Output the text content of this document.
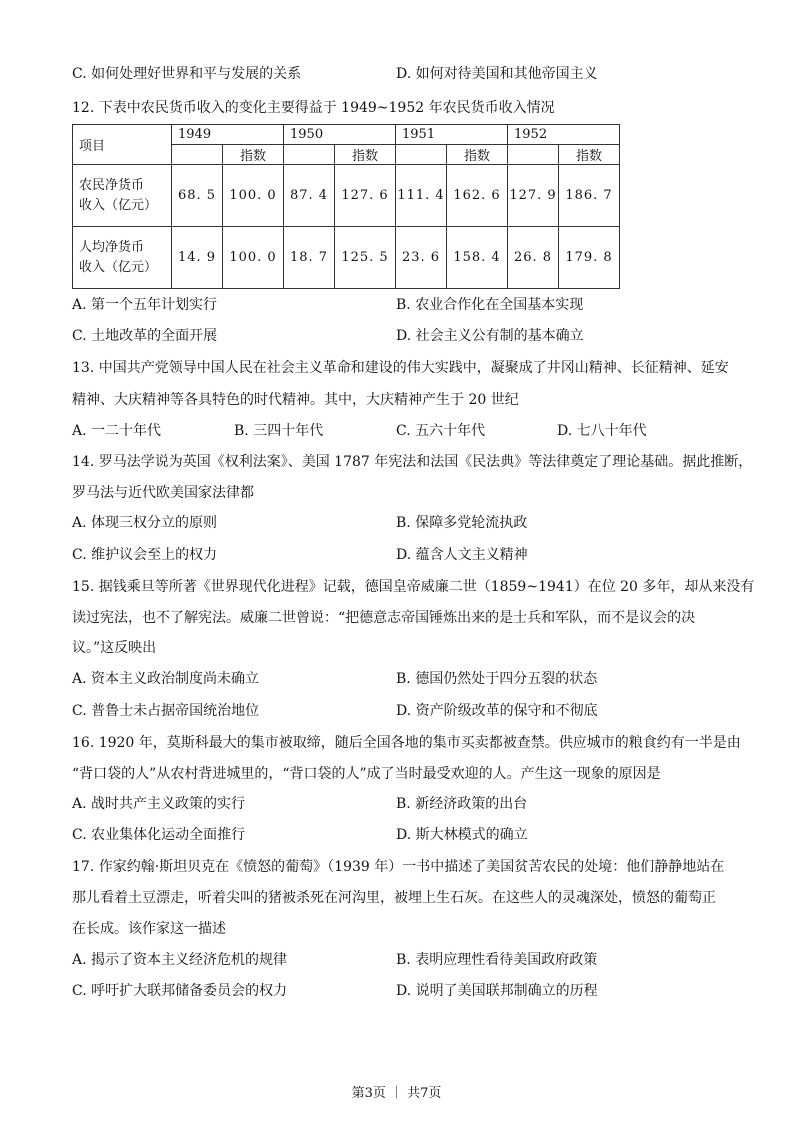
C. 如何处理好世界和平与发展的关系	D. 如何对待美国和其他帝国主义
12. 下表中农民货币收入的变化主要得益于 1949~1952 年农民货币收入情况
项目	1949		1950		1951		1952	
		指数		指数		指数		指数

农民净货币
收入（亿元）	68. 5	100. 0	87. 4	127. 6	111. 4	162. 6	127. 9	186. 7

人均净货币
收入（亿元）	14. 9	100. 0	18. 7	125. 5	23. 6	158. 4	26. 8	179. 8
A. 第一个五年计划实行	B. 农业合作化在全国基本实现
C. 土地改革的全面开展	D. 社会主义公有制的基本确立
13. 中国共产党领导中国人民在社会主义革命和建设的伟大实践中，凝聚成了井冈山精神、长征精神、延安
精神、大庆精神等各具特色的时代精神。其中，大庆精神产生于 20 世纪
A. 一二十年代	B. 三四十年代	C. 五六十年代	D. 七八十年代
14. 罗马法学说为英国《权利法案》、美国 1787 年宪法和法国《民法典》等法律奠定了理论基础。据此推断，
罗马法与近代欧美国家法律都
A. 体现三权分立的原则	B. 保障多党轮流执政
C. 维护议会至上的权力	D. 蕴含人文主义精神
15. 据钱乘旦等所著《世界现代化进程》记载，德国皇帝威廉二世（1859~1941）在位 20 多年，却从来没有
读过宪法，也不了解宪法。威廉二世曾说：“把德意志帝国锤炼出来的是士兵和军队，而不是议会的决
议。”这反映出
A. 资本主义政治制度尚未确立	B. 德国仍然处于四分五裂的状态
C. 普鲁士未占据帝国统治地位	D. 资产阶级改革的保守和不彻底
16. 1920 年，莫斯科最大的集市被取缔，随后全国各地的集市买卖都被查禁。供应城市的粮食约有一半是由
“背口袋的人”从农村背进城里的，“背口袋的人”成了当时最受欢迎的人。产生这一现象的原因是
A. 战时共产主义政策的实行	B. 新经济政策的出台
C. 农业集体化运动全面推行	D. 斯大林模式的确立
17. 作家约翰·斯坦贝克在《愤怒的葡萄》（1939 年）一书中描述了美国贫苦农民的处境：他们静静地站在
那儿看着土豆漂走，听着尖叫的猪被杀死在河沟里，被埋上生石灰。在这些人的灵魂深处，愤怒的葡萄正
在长成。该作家这一描述
A. 揭示了资本主义经济危机的规律	B. 表明应理性看待美国政府政策
C. 呼吁扩大联邦储备委员会的权力	D. 说明了美国联邦制确立的历程
第3页 ｜ 共7页
